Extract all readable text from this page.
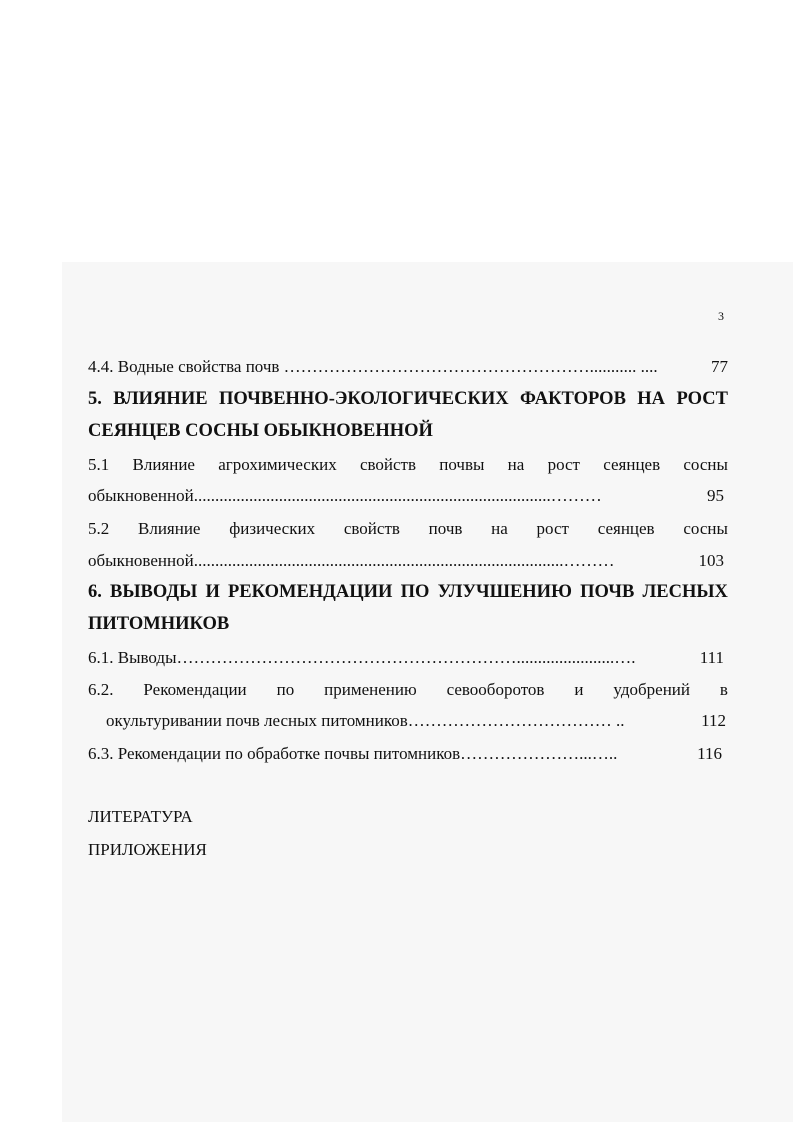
3
4.4. Водные свойства почв ………………………………………………........... ....	77
5. ВЛИЯНИЕ ПОЧВЕННО-ЭКОЛОГИЧЕСКИХ ФАКТОРОВ НА РОСТ
СЕЯНЦЕВ СОСНЫ ОБЫКНОВЕННОЙ
5.1 Влияние агрохимических свойств почвы на рост сеянцев сосны
обыкновенной....................................................................................………	95
5.2 Влияние физических свойств почв на рост сеянцев сосны
обыкновенной.......................................................................................………	103
6. ВЫВОДЫ И РЕКОМЕНДАЦИИ ПО УЛУЧШЕНИЮ ПОЧВ ЛЕСНЫХ
ПИТОМНИКОВ
6.1. Выводы…………………………………………………….......................….	111
6.2. Рекомендации по применению севооборотов и удобрений в
окультуривании почв лесных питомников……………………………… ..	112
6.3. Рекомендации по обработке почвы питомников…………………...…..	116
ЛИТЕРАТУРА
ПРИЛОЖЕНИЯ
